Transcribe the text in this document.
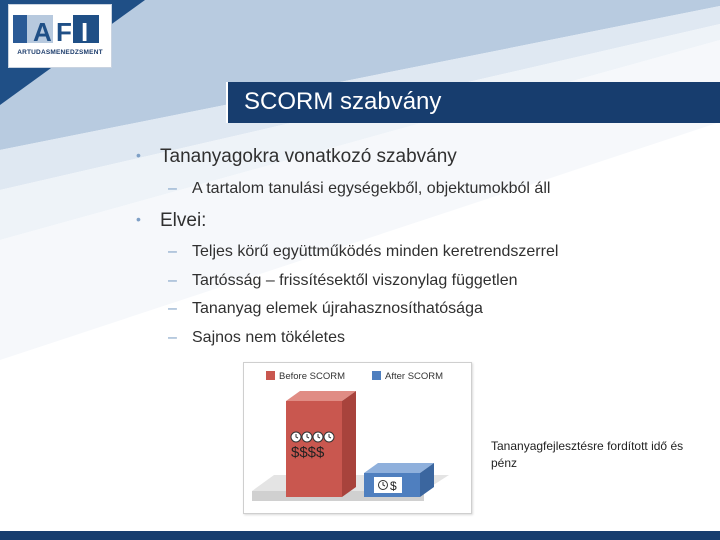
A F I
ARTUDASMENEDZSMENT
SCORM szabvány
• Tananyagokra vonatkozó szabvány
– A tartalom tanulási egységekből, objektumokból áll
• Elvei:
– Teljes körű együttműködés minden keretrendszerrel
– Tartósság – frissítésektől viszonylag független
– Tananyag elemek újrahasznosíthatósága
– Sajnos nem tökéletes
Before SCORM	After SCORM
$$$$
$
Tananyagfejlesztésre fordított idő és pénz
